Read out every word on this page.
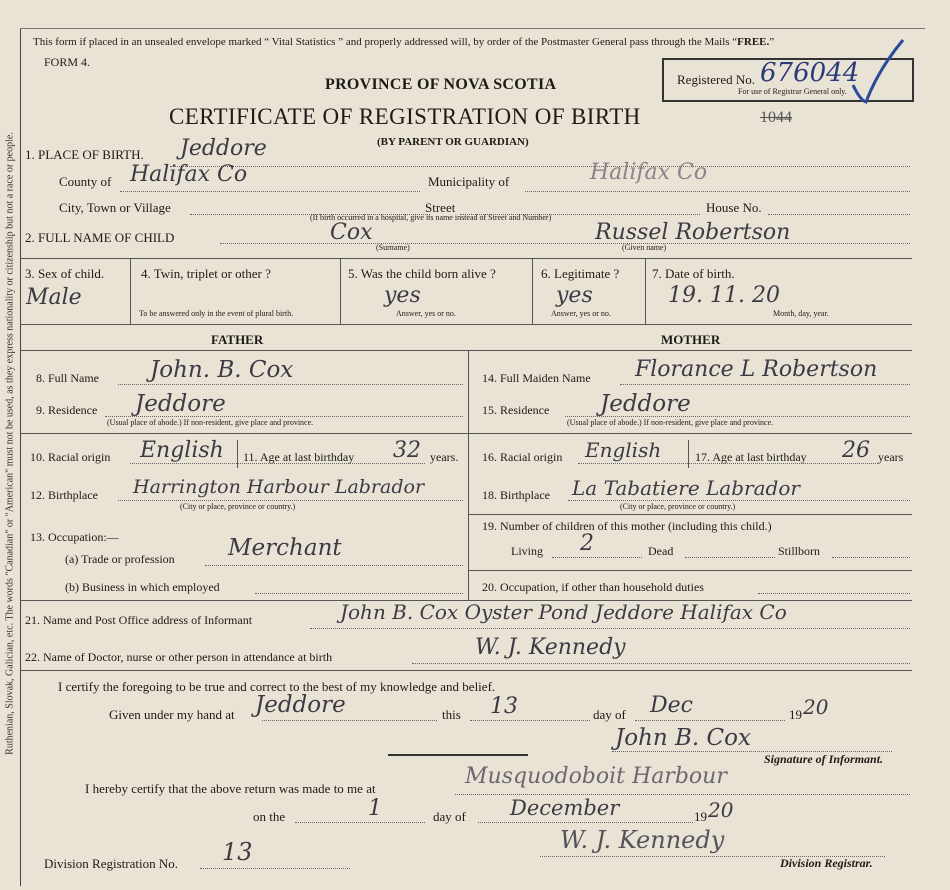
Ruthenian, Slovak, Galician, etc. The words "Canadian" or "American" must not be used, as they express nationality or citizenship but not a race or people.
This form if placed in an unsealed envelope marked “ Vital Statistics ” and properly addressed will, by order of the Postmaster General pass through the Mails “FREE.”
FORM 4.
PROVINCE OF NOVA SCOTIA
CERTIFICATE OF REGISTRATION OF BIRTH
(BY PARENT OR GUARDIAN)
1044
Registered No. 676044
For use of Registrar General only.
1. PLACE OF BIRTH. Jeddore
County of Halifax Co	Municipality of	Halifax Co
City, Town or Village	Street	House No.
(If birth occurred in a hospital, give its name instead of Street and Number)
2. FULL NAME OF CHILD	Cox
(Surname)
Russel Robertson
(Given name)
3. Sex of child.
Male
4. Twin, triplet or other ?
To be answered only in the event of plural birth.
5. Was the child born alive ?
yes
Answer, yes or no.
6. Legitimate ?
yes
Answer, yes or no.
7. Date of birth.
19. 11. 20
Month, day, year.
FATHER	MOTHER
8. Full Name John. B. Cox	14. Full Maiden Name Florance L Robertson
9. Residence Jeddore
(Usual place of abode.) If non-resident, give place and province.
15. Residence Jeddore
(Usual place of abode.) If non-resident, give place and province.
10. Racial origin English 11. Age at last birthday 32 years. 16. Racial origin English	17. Age at last birthday 26 years
12. Birthplace Harrington Harbour Labrador
(City or place, province or country.)
18. Birthplace La Tabatiere Labrador
(City or place, province or country.)
13. Occupation:—
(a) Trade or profession Merchant
19. Number of children of this mother (including this child.)
Living 2	Dead	Stillborn
(b) Business in which employed	20. Occupation, if other than household duties
21. Name and Post Office address of Informant	John B. Cox Oyster Pond Jeddore Halifax Co
22. Name of Doctor, nurse or other person in attendance at birth	W. J. Kennedy
I certify the foregoing to be true and correct to the best of my knowledge and belief.
Given under my hand at Jeddore	this 13	day of Dec	19 20
John B. Cox
Signature of Informant.
I hereby certify that the above return was made to me at	Musquodoboit Harbour
on the	1	day of December	19 20
Division Registration No. 13	W. J. Kennedy
Division Registrar.
